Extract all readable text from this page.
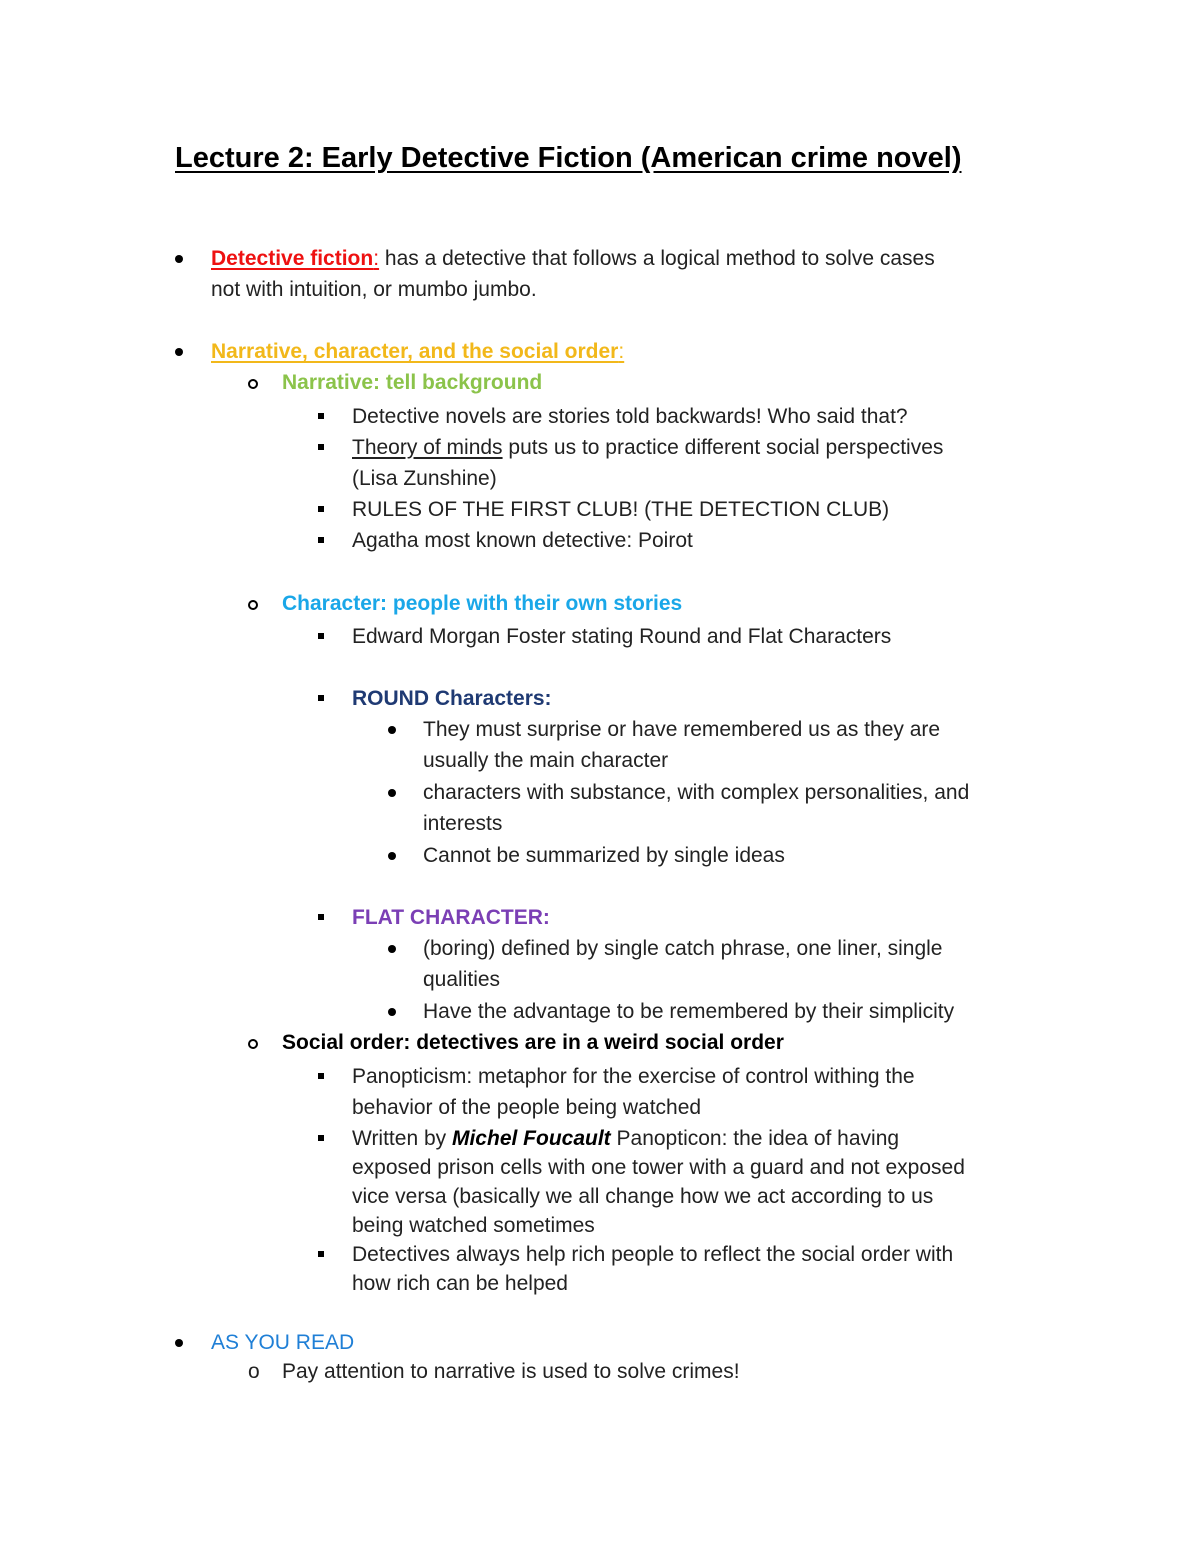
Lecture 2: Early Detective Fiction (American crime novel)
Detective fiction: has a detective that follows a logical method to solve cases
not with intuition, or mumbo jumbo.
Narrative, character, and the social order:
Narrative: tell background
Detective novels are stories told backwards! Who said that?
Theory of minds puts us to practice different social perspectives
(Lisa Zunshine)
RULES OF THE FIRST CLUB! (THE DETECTION CLUB)
Agatha most known detective: Poirot
Character: people with their own stories
Edward Morgan Foster stating Round and Flat Characters
ROUND Characters:
They must surprise or have remembered us as they are
usually the main character
characters with substance, with complex personalities, and
interests
Cannot be summarized by single ideas
FLAT CHARACTER:
(boring) defined by single catch phrase, one liner, single
qualities
Have the advantage to be remembered by their simplicity
Social order: detectives are in a weird social order
Panopticism: metaphor for the exercise of control withing the
behavior of the people being watched
Written by Michel Foucault Panopticon: the idea of having
exposed prison cells with one tower with a guard and not exposed
vice versa (basically we all change how we act according to us
being watched sometimes
Detectives always help rich people to reflect the social order with
how rich can be helped
AS YOU READ
o Pay attention to narrative is used to solve crimes!
